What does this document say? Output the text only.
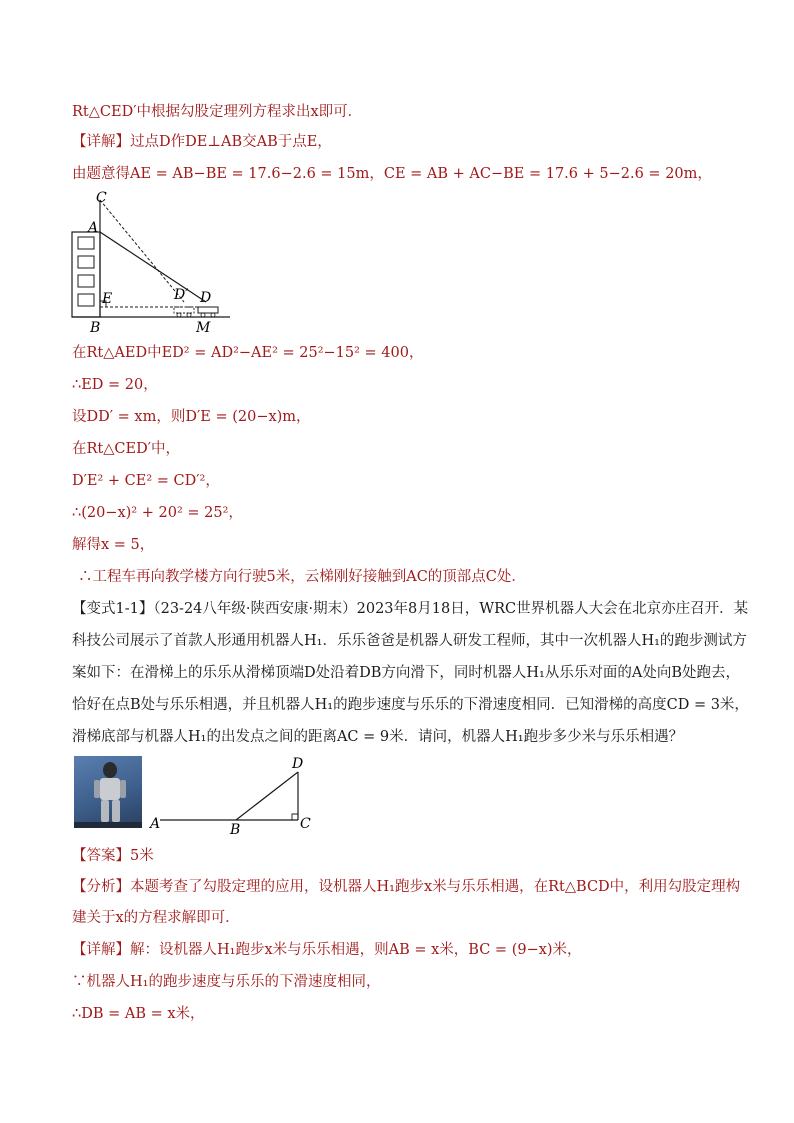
Rt△CED′中根据勾股定理列方程求出x即可．
【详解】过点D作DE⊥AB交AB于点E，
由题意得AE = AB−BE = 17.6−2.6 = 15m，CE = AB + AC−BE = 17.6 + 5−2.6 = 20m，
C
A
E
B
D′ D
M
在Rt△AED中ED² = AD²−AE² = 25²−15² = 400，
∴ED = 20，
设DD′ = xm，则D′E = (20−x)m，
在Rt△CED′中，
D′E² + CE² = CD′²，
∴(20−x)² + 20² = 25²，
解得x = 5，
∴工程车再向教学楼方向行驶5米，云梯刚好接触到AC的顶部点C处．
【变式1-1】（23-24八年级·陕西安康·期末）2023年8月18日，WRC世界机器人大会在北京亦庄召开．某
科技公司展示了首款人形通用机器人H₁．乐乐爸爸是机器人研发工程师，其中一次机器人H₁的跑步测试方
案如下：在滑梯上的乐乐从滑梯顶端D处沿着DB方向滑下，同时机器人H₁从乐乐对面的A处向B处跑去，
恰好在点B处与乐乐相遇，并且机器人H₁的跑步速度与乐乐的下滑速度相同．已知滑梯的高度CD = 3米，
滑梯底部与机器人H₁的出发点之间的距离AC = 9米．请问，机器人H₁跑步多少米与乐乐相遇？
A	B	C
D
【答案】5米
【分析】本题考查了勾股定理的应用，设机器人H₁跑步x米与乐乐相遇，在Rt△BCD中，利用勾股定理构
建关于x的方程求解即可．
【详解】解：设机器人H₁跑步x米与乐乐相遇，则AB = x米，BC = (9−x)米，
∵机器人H₁的跑步速度与乐乐的下滑速度相同，
∴DB = AB = x米，
